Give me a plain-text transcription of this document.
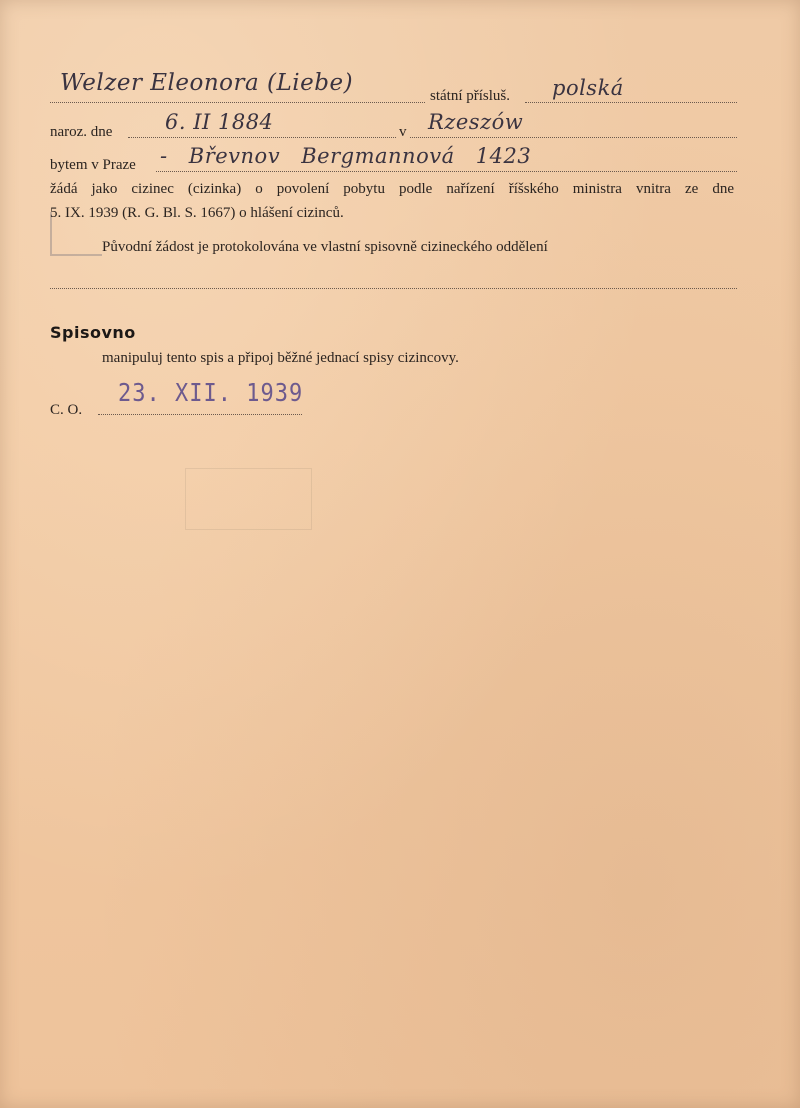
Welzer Eleonora (Liebe)	státní přísluš. polská
naroz. dne	6. II 1884	v Rzeszów
bytem v Praze - Břevnov Bergmannová 1423
žádá jako cizinec (cizinka) o povolení pobytu podle nařízení říšského ministra vnitra ze dne
5. IX. 1939 (R. G. Bl. S. 1667) o hlášení cizinců.
Původní žádost je protokolována ve vlastní spisovně cizineckého oddělení
Spisovno
manipuluj tento spis a připoj běžné jednací spisy cizincovy.
C. O.
23. XII. 1939
